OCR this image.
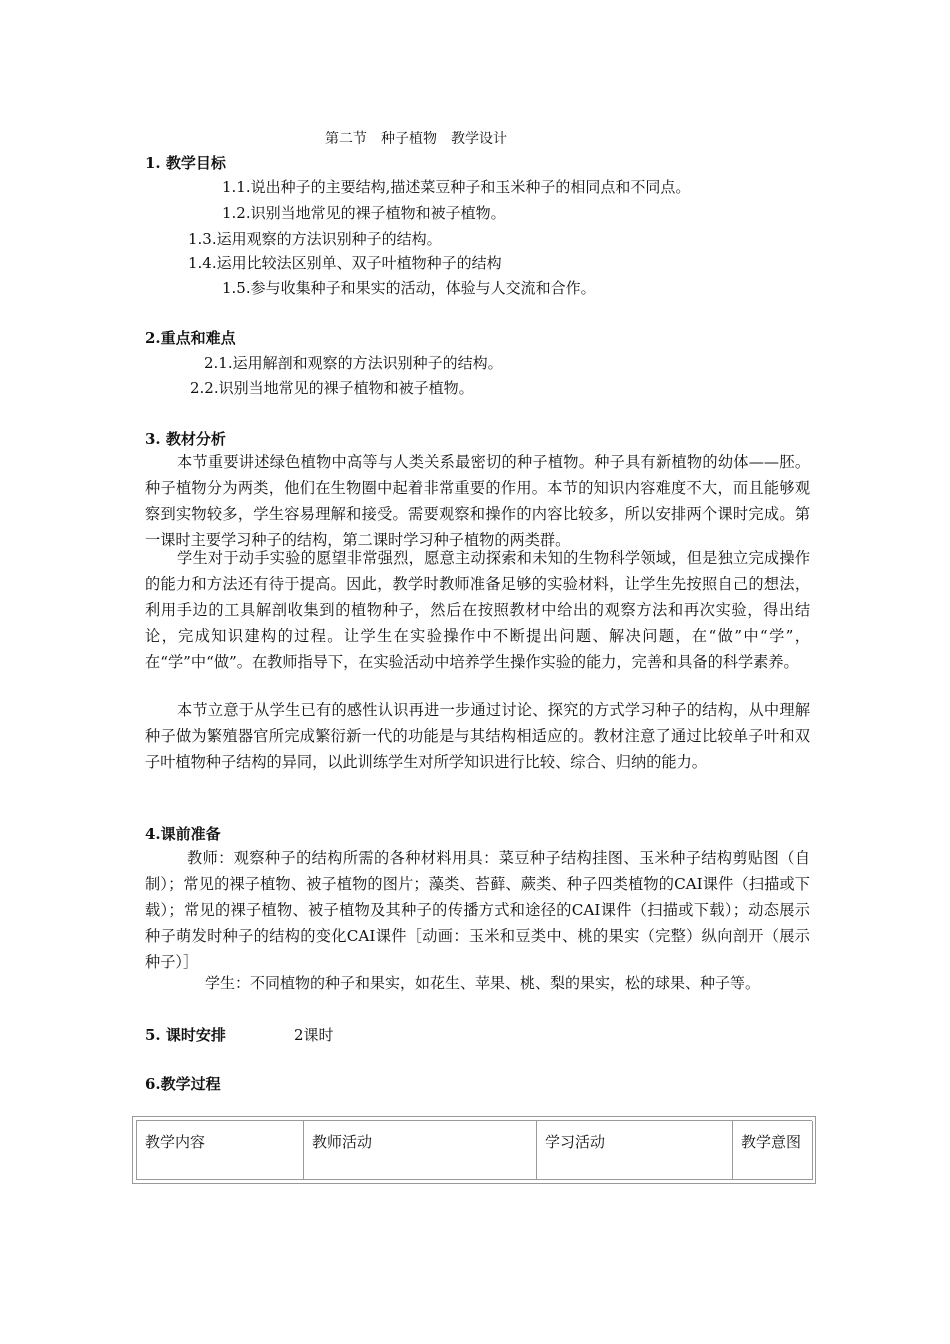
第二节　种子植物　教学设计
1. 教学目标
1.1.说出种子的主要结构,描述菜豆种子和玉米种子的相同点和不同点。
1.2.识别当地常见的裸子植物和被子植物。
1.3.运用观察的方法识别种子的结构。
1.4.运用比较法区别单、双子叶植物种子的结构
1.5.参与收集种子和果实的活动，体验与人交流和合作。
2.重点和难点
2.1.运用解剖和观察的方法识别种子的结构。
2.2.识别当地常见的裸子植物和被子植物。
3. 教材分析
本节重要讲述绿色植物中高等与人类关系最密切的种子植物。种子具有新植物的幼体——胚。种子植物分为两类，他们在生物圈中起着非常重要的作用。本节的知识内容难度不大，而且能够观察到实物较多，学生容易理解和接受。需要观察和操作的内容比较多，所以安排两个课时完成。第一课时主要学习种子的结构，第二课时学习种子植物的两类群。
学生对于动手实验的愿望非常强烈，愿意主动探索和未知的生物科学领域，但是独立完成操作的能力和方法还有待于提高。因此，教学时教师准备足够的实验材料，让学生先按照自己的想法，利用手边的工具解剖收集到的植物种子，然后在按照教材中给出的观察方法和再次实验，得出结论，完成知识建构的过程。让学生在实验操作中不断提出问题、解决问题，在“做”中“学”，在“学”中“做”。在教师指导下，在实验活动中培养学生操作实验的能力，完善和具备的科学素养。
本节立意于从学生已有的感性认识再进一步通过讨论、探究的方式学习种子的结构，从中理解种子做为繁殖器官所完成繁衍新一代的功能是与其结构相适应的。教材注意了通过比较单子叶和双子叶植物种子结构的异同，以此训练学生对所学知识进行比较、综合、归纳的能力。
4.课前准备
教师：观察种子的结构所需的各种材料用具：菜豆种子结构挂图、玉米种子结构剪贴图（自制）；常见的裸子植物、被子植物的图片；藻类、苔藓、蕨类、种子四类植物的CAI课件（扫描或下载）；常见的裸子植物、被子植物及其种子的传播方式和途径的CAI课件（扫描或下载）；动态展示种子萌发时种子的结构的变化CAI课件［动画：玉米和豆类中、桃的果实（完整）纵向剖开（展示种子）］
学生：不同植物的种子和果实，如花生、苹果、桃、梨的果实，松的球果、种子等。
5. 课时安排	2课时
6.教学过程
教学内容	教师活动	学习活动	教学意图
